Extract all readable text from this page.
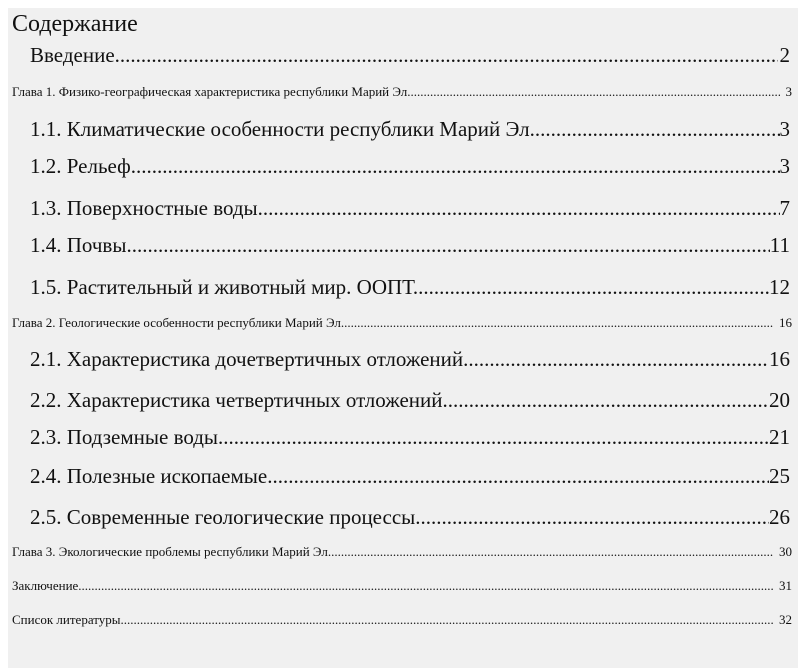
Содержание
Введение. .....	2
Глава 1. Физико-географическая характеристика республики Марий Эл. .....	3
1.1. Климатические особенности республики Марий Эл. .....	3
1.2. Рельеф. .....	3
1.3. Поверхностные воды. .....	7
1.4. Почвы. .....	11
1.5. Растительный и животный мир. ООПТ. .....	12
Глава 2. Геологические особенности республики Марий Эл. .....	16
2.1. Характеристика дочетвертичных отложений. .....	16
2.2. Характеристика четвертичных отложений. .....	20
2.3. Подземные воды. .....	21
2.4. Полезные ископаемые. .....	25
2.5. Современные геологические процессы. .....	26
Глава 3. Экологические проблемы республики Марий Эл. .....	30
Заключение. .....	31
Список литературы. .....	32
